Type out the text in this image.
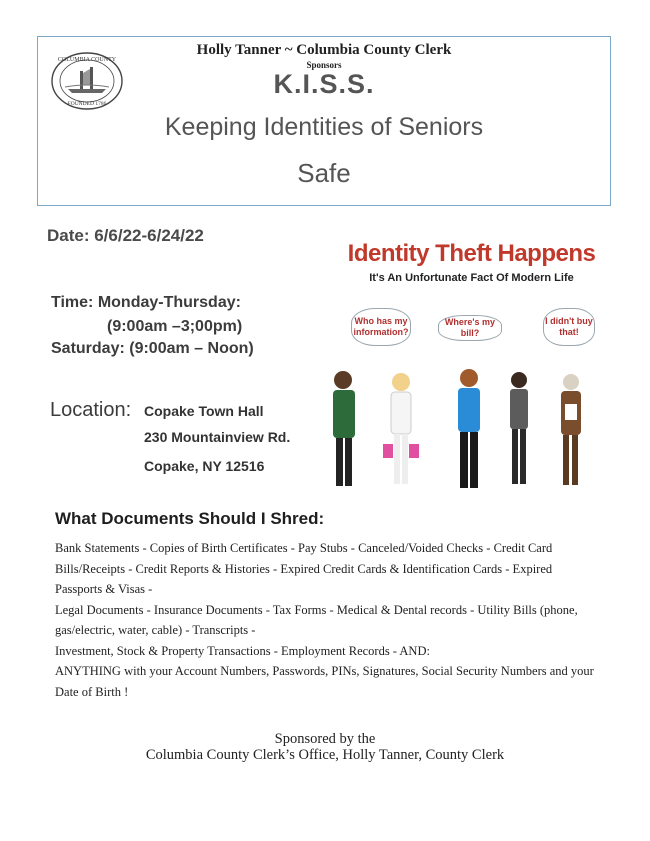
COLUMBIA COUNTY
FOUNDED 1786
Holly Tanner ~ Columbia County Clerk
Sponsors
K.I.S.S.
Keeping Identities of Seniors
Safe
Date: 6/6/22-6/24/22
Time: Monday-Thursday:
(9:00am –3;00pm)
Saturday: (9:00am – Noon)
Location: Copake Town Hall
230 Mountainview Rd.
Copake, NY 12516
Identity Theft Happens
It's An Unfortunate Fact Of Modern Life
Who has my information?
Where's my bill?
I didn't buy that!
What Documents Should I Shred:

Bank Statements - Copies of Birth Certificates - Pay Stubs - Canceled/Voided Checks - Credit Card Bills/Receipts - Credit Reports & Histories - Expired Credit Cards & Identification Cards - Expired Passports & Visas -

Legal Documents - Insurance Documents - Tax Forms - Medical & Dental records - Utility Bills (phone, gas/electric, water, cable) - Transcripts -

Investment, Stock & Property Transactions - Employment Records - AND:

ANYTHING with your Account Numbers, Passwords, PINs, Signatures, Social Security Numbers and your Date of Birth !

Sponsored by the
Columbia County Clerk’s Office, Holly Tanner, County Clerk
